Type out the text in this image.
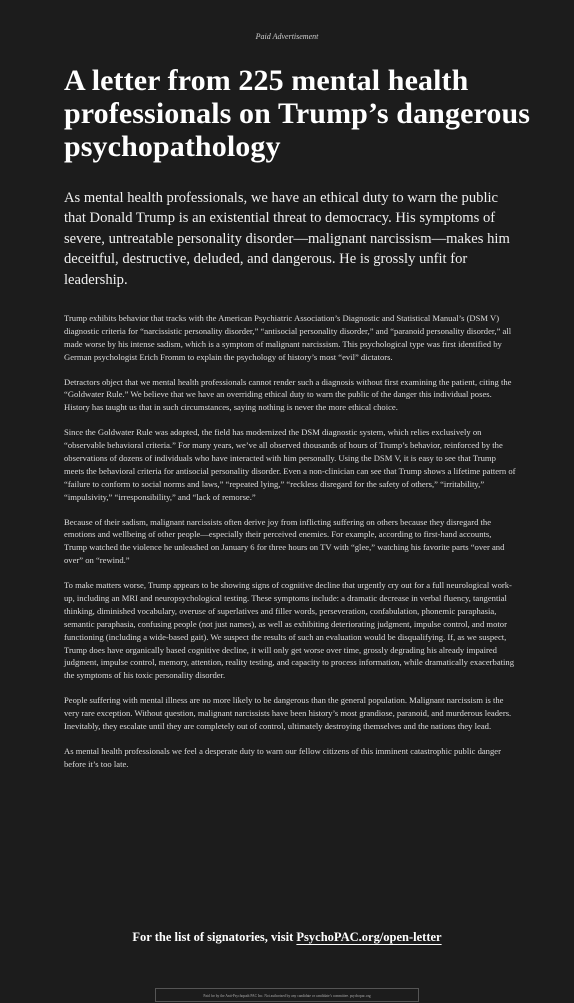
Paid Advertisement
A letter from 225 mental health professionals on Trump’s dangerous psychopathology

As mental health professionals, we have an ethical duty to warn the public that Donald Trump is an existential threat to democracy. His symptoms of severe, untreatable personality disorder—malignant narcissism—makes him deceitful, destructive, deluded, and dangerous. He is grossly unfit for leadership.

Trump exhibits behavior that tracks with the American Psychiatric Association’s Diagnostic and Statistical Manual’s (DSM V) diagnostic criteria for “narcissistic personality disorder,” “antisocial personality disorder,” and “paranoid personality disorder,” all made worse by his intense sadism, which is a symptom of malignant narcissism. This psychological type was first identified by German psychologist Erich Fromm to explain the psychology of history’s most “evil” dictators.

Detractors object that we mental health professionals cannot render such a diagnosis without first examining the patient, citing the “Goldwater Rule.” We believe that we have an overriding ethical duty to warn the public of the danger this individual poses. History has taught us that in such circumstances, saying nothing is never the more ethical choice.

Since the Goldwater Rule was adopted, the field has modernized the DSM diagnostic system, which relies exclusively on “observable behavioral criteria.” For many years, we’ve all observed thousands of hours of Trump’s behavior, reinforced by the observations of dozens of individuals who have interacted with him personally. Using the DSM V, it is easy to see that Trump meets the behavioral criteria for antisocial personality disorder. Even a non-clinician can see that Trump shows a lifetime pattern of “failure to conform to social norms and laws,” “repeated lying,” “reckless disregard for the safety of others,” “irritability,” “impulsivity,” “irresponsibility,” and “lack of remorse.”

Because of their sadism, malignant narcissists often derive joy from inflicting suffering on others because they disregard the emotions and wellbeing of other people—especially their perceived enemies. For example, according to first-hand accounts, Trump watched the violence he unleashed on January 6 for three hours on TV with “glee,” watching his favorite parts “over and over” on “rewind.”

To make matters worse, Trump appears to be showing signs of cognitive decline that urgently cry out for a full neurological work-up, including an MRI and neuropsychological testing. These symptoms include: a dramatic decrease in verbal fluency, tangential thinking, diminished vocabulary, overuse of superlatives and filler words, perseveration, confabulation, phonemic paraphasia, semantic paraphasia, confusing people (not just names), as well as exhibiting deteriorating judgment, impulse control, and motor functioning (including a wide-based gait). We suspect the results of such an evaluation would be disqualifying. If, as we suspect, Trump does have organically based cognitive decline, it will only get worse over time, grossly degrading his already impaired judgment, impulse control, memory, attention, reality testing, and capacity to process information, while dramatically exacerbating the symptoms of his toxic personality disorder.

People suffering with mental illness are no more likely to be dangerous than the general population. Malignant narcissism is the very rare exception. Without question, malignant narcissists have been history’s most grandiose, paranoid, and murderous leaders. Inevitably, they escalate until they are completely out of control, ultimately destroying themselves and the nations they lead.

As mental health professionals we feel a desperate duty to warn our fellow citizens of this imminent catastrophic public danger before it’s too late.

For the list of signatories, visit PsychoPAC.org/open-letter
Paid for by the Anti-Psychopath PAC Inc. Not authorized by any candidate or candidate’s committee. psychopac.org
